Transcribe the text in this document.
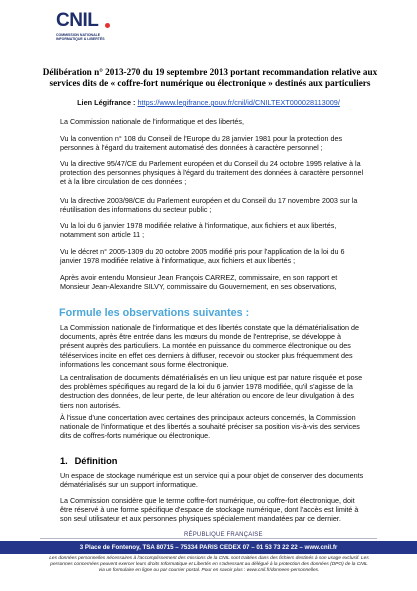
CNIL
COMMISSION NATIONALE INFORMATIQUE & LIBERTÉS
Délibération n° 2013-270 du 19 septembre 2013 portant recommandation relative aux services dits de « coffre-fort numérique ou électronique » destinés aux particuliers
Lien Légifrance : https://www.legifrance.gouv.fr/cnil/id/CNILTEXT000028113009/
La Commission nationale de l'informatique et des libertés,
Vu la convention n° 108 du Conseil de l'Europe du 28 janvier 1981 pour la protection des personnes à l'égard du traitement automatisé des données à caractère personnel ;
Vu la directive 95/47/CE du Parlement européen et du Conseil du 24 octobre 1995 relative à la protection des personnes physiques à l'égard du traitement des données à caractère personnel et à la libre circulation de ces données ;
Vu la directive 2003/98/CE du Parlement européen et du Conseil du 17 novembre 2003 sur la réutilisation des informations du secteur public ;
Vu la loi du 6 janvier 1978 modifiée relative à l'informatique, aux fichiers et aux libertés, notamment son article 11 ;
Vu le décret n° 2005-1309 du 20 octobre 2005 modifié pris pour l'application de la loi du 6 janvier 1978 modifiée relative à l'informatique, aux fichiers et aux libertés ;
Après avoir entendu Monsieur Jean François CARREZ, commissaire, en son rapport et Monsieur Jean-Alexandre SILVY, commissaire du Gouvernement, en ses observations,
Formule les observations suivantes :
La Commission nationale de l'informatique et des libertés constate que la dématérialisation de documents, après être entrée dans les mœurs du monde de l'entreprise, se développe à présent auprès des particuliers. La montée en puissance du commerce électronique ou des téléservices incite en effet ces derniers à diffuser, recevoir ou stocker plus fréquemment des informations les concernant sous forme électronique.
La centralisation de documents dématérialisés en un lieu unique est par nature risquée et pose des problèmes spécifiques au regard de la loi du 6 janvier 1978 modifiée, qu'il s'agisse de la destruction des données, de leur perte, de leur altération ou encore de leur divulgation à des tiers non autorisés.
À l'issue d'une concertation avec certaines des principaux acteurs concernés, la Commission nationale de l'informatique et des libertés a souhaité préciser sa position vis-à-vis des services dits de coffres-forts numérique ou électronique.
1. Définition
Un espace de stockage numérique est un service qui a pour objet de conserver des documents dématérialisés sur un support informatique.
La Commission considère que le terme coffre-fort numérique, ou coffre-fort électronique, doit être réservé à une forme spécifique d'espace de stockage numérique, dont l'accès est limité à son seul utilisateur et aux personnes physiques spécialement mandatées par ce dernier.
RÉPUBLIQUE FRANÇAISE
3 Place de Fontenoy, TSA 80715 – 75334 PARIS CEDEX 07 – 01 53 73 22 22 – www.cnil.fr
Les données personnelles nécessaires à l'accomplissement des missions de la CNIL sont traitées dans des fichiers destinés à son usage exclusif. Les personnes concernées peuvent exercer leurs droits Informatique et Libertés en s'adressant au délégué à la protection des données (DPO) de la CNIL via un formulaire en ligne ou par courrier postal. Pour en savoir plus : www.cnil.fr/donnees-personnelles.
